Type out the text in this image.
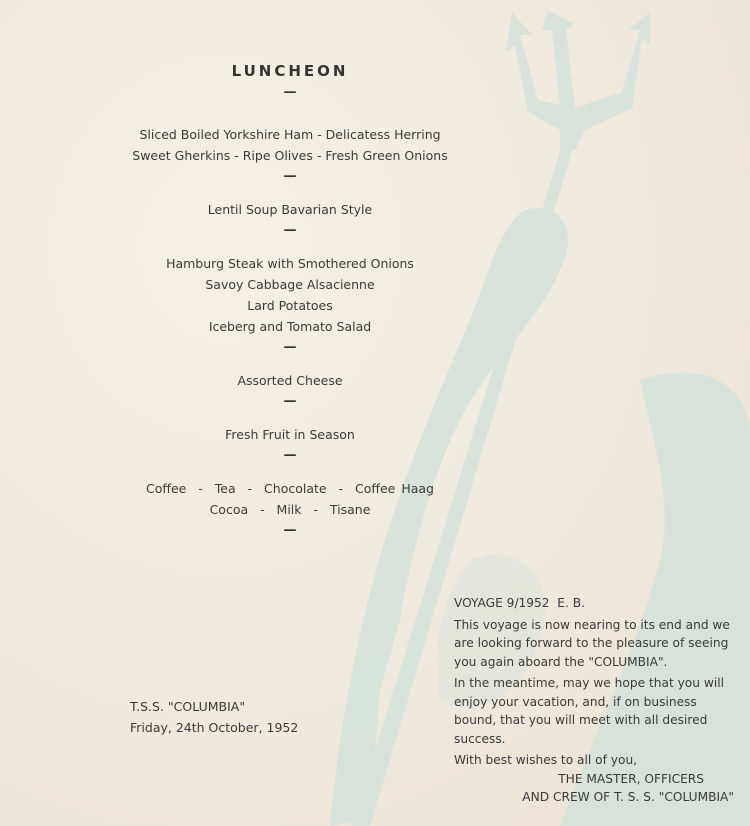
LUNCHEON
—
Sliced Boiled Yorkshire Ham - Delicatess Herring
Sweet Gherkins - Ripe Olives - Fresh Green Onions
—
Lentil Soup Bavarian Style
—
Hamburg Steak with Smothered Onions
Savoy Cabbage Alsacienne
Lard Potatoes
Iceberg and Tomato Salad
—
Assorted Cheese
—
Fresh Fruit in Season
—
Coffee  -  Tea  -  Chocolate  -  Coffee Haag
Cocoa  -  Milk  -  Tisane
—
T.S.S. "COLUMBIA"
Friday, 24th October, 1952
VOYAGE 9/1952  E. B.
This voyage is now nearing to its end and we are looking forward to the pleasure of seeing you again aboard the "COLUMBIA".
In the meantime, may we hope that you will enjoy your vacation, and, if on business bound, that you will meet with all desired success.
With best wishes to all of you,
THE MASTER, OFFICERS
AND CREW OF T. S. S. "COLUMBIA"
